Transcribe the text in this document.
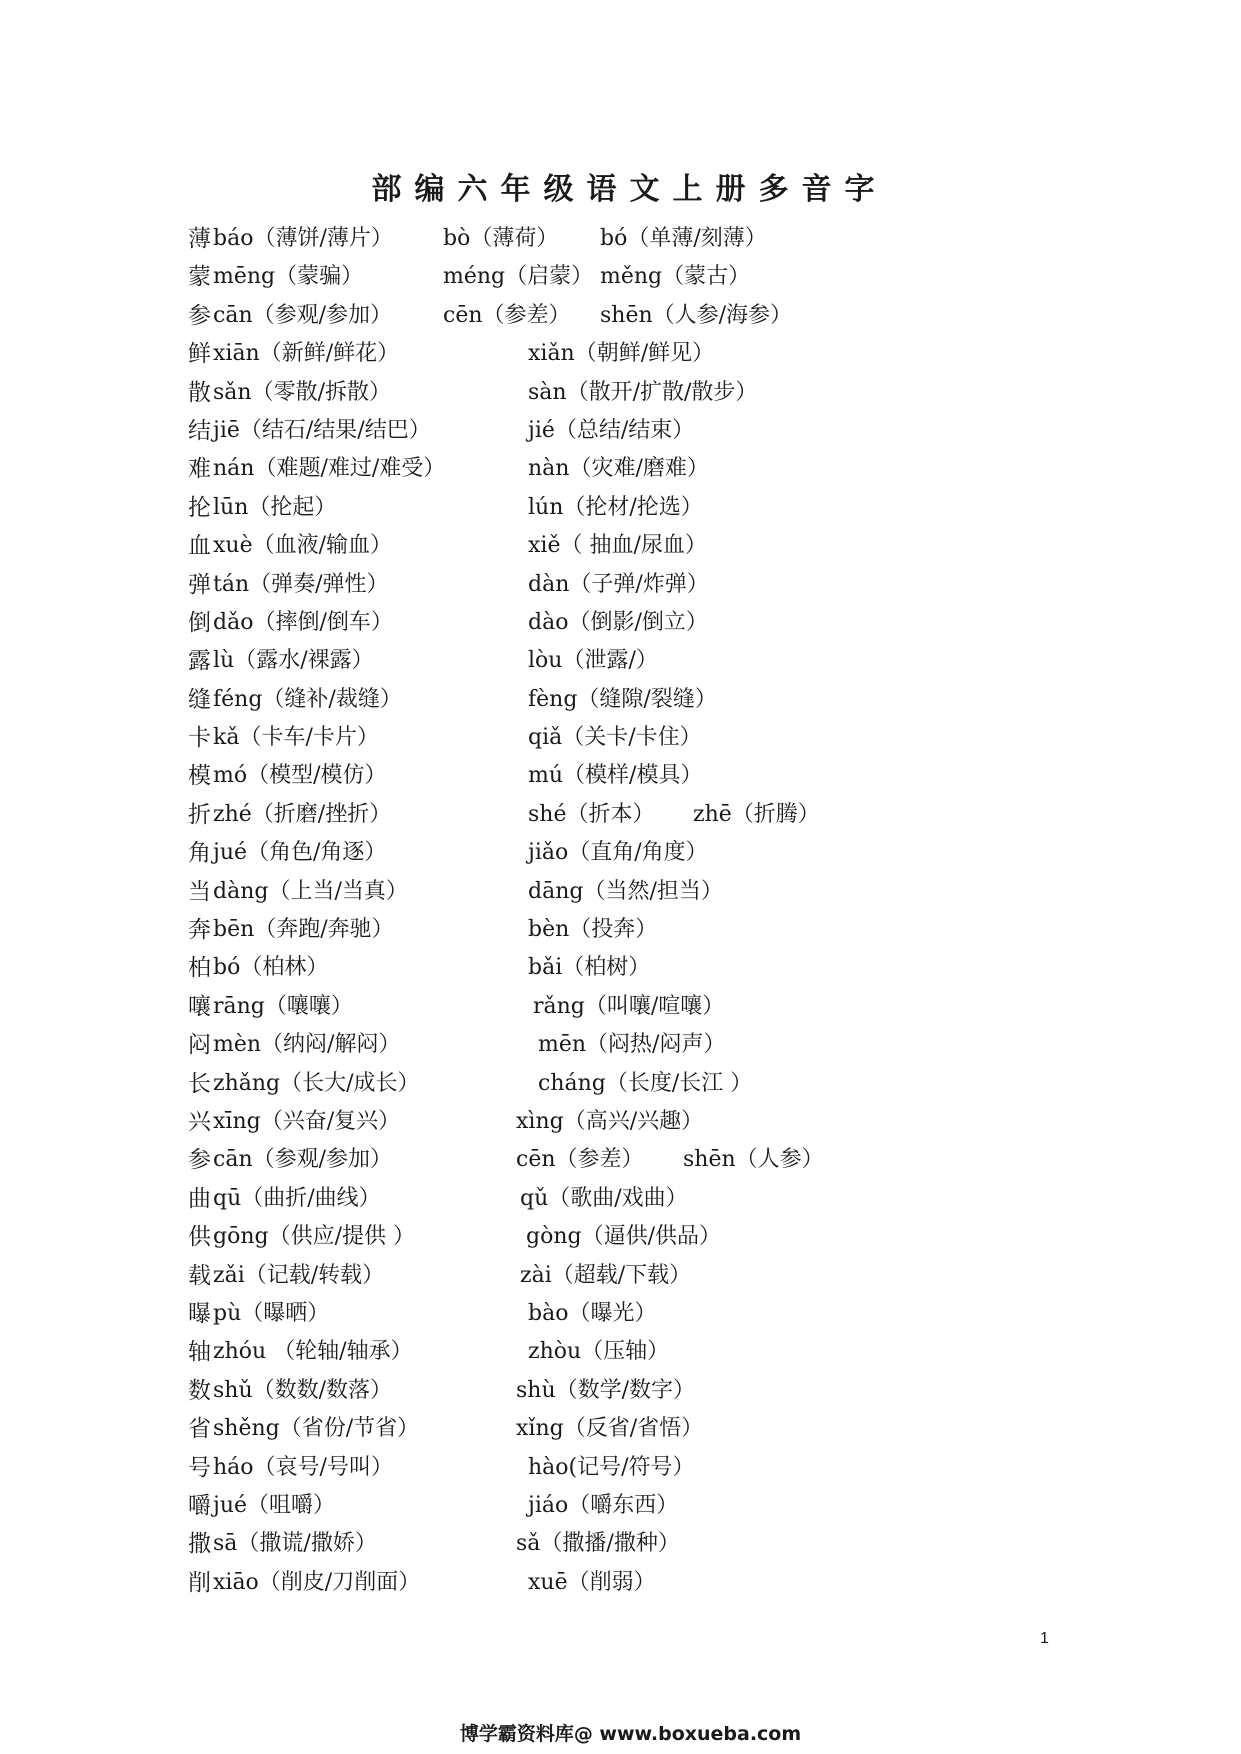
部编六年级语文上册多音字
薄 báo（薄饼/薄片） bò（薄荷） bó（单薄/刻薄）
蒙 mēng（蒙骗）	méng（启蒙） měng（蒙古）
参 cān（参观/参加） cēn（参差） shēn（人参/海参）
鲜 xiān（新鲜/鲜花）	xiǎn（朝鲜/鲜见）
散 sǎn（零散/拆散）	sàn（散开/扩散/散步）
结 jiē（结石/结果/结巴）	jié（总结/结束）
难 nán（难题/难过/难受）	nàn（灾难/磨难）
抡 lūn（抡起）	lún（抡材/抡选）
血 xuè（血液/输血）	xiě（ 抽血/尿血）
弹 tán（弹奏/弹性）	dàn（子弹/炸弹）
倒 dǎo（摔倒/倒车）	dào（倒影/倒立）
露 lù（露水/裸露）	lòu（泄露/）
缝 féng（缝补/裁缝）	fèng（缝隙/裂缝）
卡 kǎ（卡车/卡片）	qiǎ（关卡/卡住）
模 mó（模型/模仿）	mú（模样/模具）
折 zhé（折磨/挫折）	shé（折本） zhē（折腾）
角 jué（角色/角逐）	jiǎo（直角/角度）
当 dàng（上当/当真）	dāng（当然/担当）
奔 bēn（奔跑/奔驰）	bèn（投奔）
柏 bó（柏林）	bǎi（柏树）
嚷 rāng（嚷嚷）	rǎng（叫嚷/喧嚷）
闷 mèn（纳闷/解闷）	mēn（闷热/闷声）
长 zhǎng（长大/成长）	cháng（长度/长江 ）
兴 xīng（兴奋/复兴）	xìng（高兴/兴趣）
参 cān（参观/参加）	cēn（参差） shēn（人参）
曲 qū（曲折/曲线）	qǔ（歌曲/戏曲）
供 gōng（供应/提供 ）	gòng（逼供/供品）
载 zǎi（记载/转载）	zài（超载/下载）
曝 pù（曝晒）	bào（曝光）
轴 zhóu （轮轴/轴承）	zhòu（压轴）
数 shǔ（数数/数落）	shù（数学/数字）
省 shěng（省份/节省）	xǐng（反省/省悟）
号 háo（哀号/号叫）	hào(记号/符号）
嚼 jué（咀嚼）	jiáo（嚼东西）
撒 sā（撒谎/撒娇）	sǎ（撒播/撒种）
削 xiāo（削皮/刀削面）	xuē（削弱）
1
博学霸资料库@ www.boxueba.com
